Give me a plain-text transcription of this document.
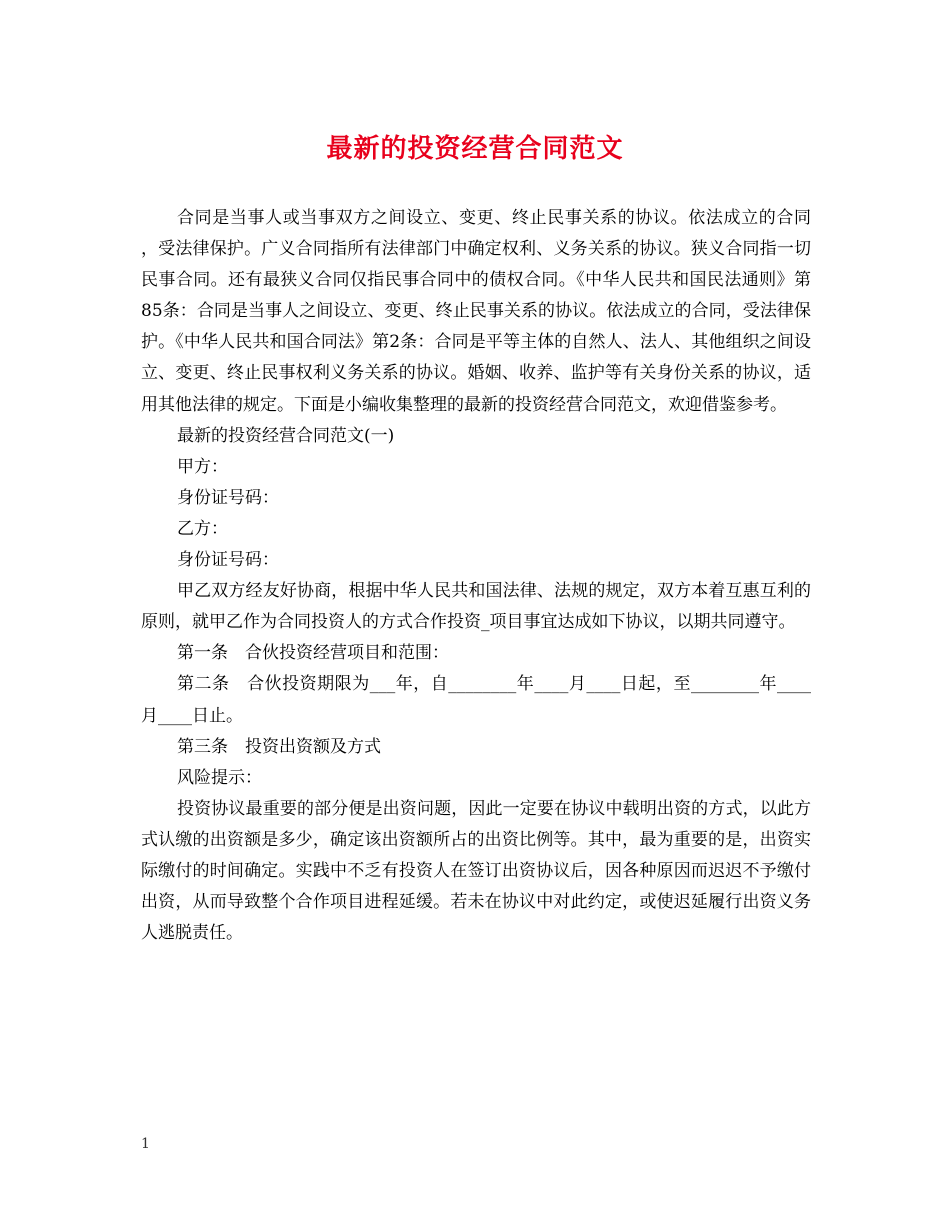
最新的投资经营合同范文

合同是当事人或当事双方之间设立、变更、终止民事关系的协议。依法成立的合同 ，受法律保护。广义合同指所有法律部门中确定权利、义务关系的协议。狭义合同指一切民事合同。还有最狭义合同仅指民事合同中的债权合同。《中华人民共和国民法通则》第85条：合同是当事人之间设立、变更、终止民事关系的协议。依法成立的合同，受法律保护。《中华人民共和国合同法》第2条：合同是平等主体的自然人、法人、其他组织之间设立、变更、终止民事权利义务关系的协议。婚姻、收养、监护等有关身份关系的协议，适用其他法律的规定。下面是小编收集整理的最新的投资经营合同范文，欢迎借鉴参考。

最新的投资经营合同范文(一)

甲方：

身份证号码：

乙方：

身份证号码：

甲乙双方经友好协商，根据中华人民共和国法律、法规的规定，双方本着互惠互利的原则，就甲乙作为合同投资人的方式合作投资_项目事宜达成如下协议，以期共同遵守。

第一条　合伙投资经营项目和范围：

第二条　合伙投资期限为___年，自________年____月____日起，至________年____月____日止。

第三条　投资出资额及方式

风险提示：

投资协议最重要的部分便是出资问题，因此一定要在协议中载明出资的方式，以此方式认缴的出资额是多少，确定该出资额所占的出资比例等。其中，最为重要的是，出资实际缴付的时间确定。实践中不乏有投资人在签订出资协议后，因各种原因而迟迟不予缴付出资，从而导致整个合作项目进程延缓。若未在协议中对此约定，或使迟延履行出资义务人逃脱责任。

1
